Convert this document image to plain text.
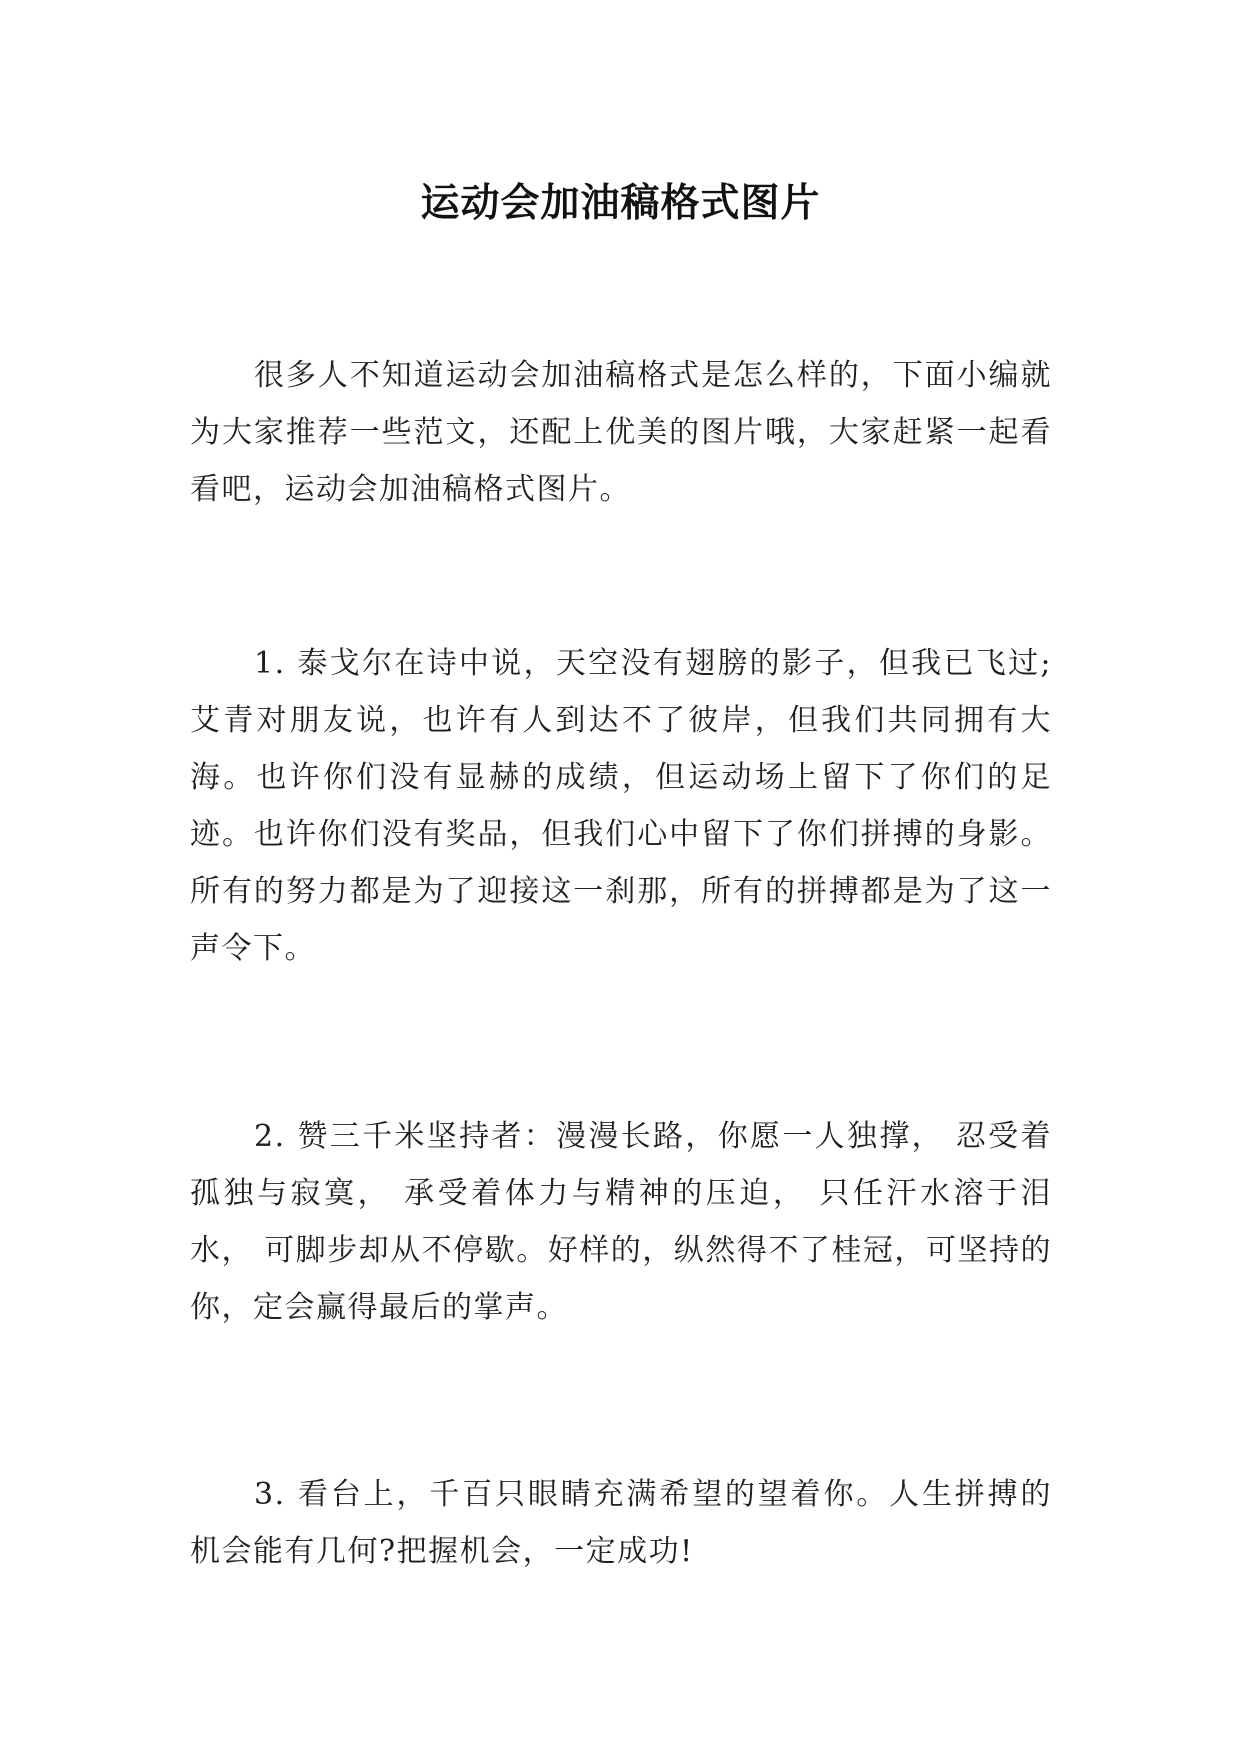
运动会加油稿格式图片

很多人不知道运动会加油稿格式是怎么样的，下面小编就为大家推荐一些范文，还配上优美的图片哦，大家赶紧一起看看吧，运动会加油稿格式图片。

1. 泰戈尔在诗中说，天空没有翅膀的影子，但我已飞过;艾青对朋友说，也许有人到达不了彼岸，但我们共同拥有大海。也许你们没有显赫的成绩，但运动场上留下了你们的足迹。也许你们没有奖品，但我们心中留下了你们拼搏的身影。所有的努力都是为了迎接这一刹那，所有的拼搏都是为了这一声令下。

2. 赞三千米坚持者：漫漫长路，你愿一人独撑， 忍受着孤独与寂寞， 承受着体力与精神的压迫， 只任汗水溶于泪水， 可脚步却从不停歇。好样的，纵然得不了桂冠，可坚持的你，定会赢得最后的掌声。

3. 看台上，千百只眼睛充满希望的望着你。人生拼搏的机会能有几何?把握机会，一定成功!
